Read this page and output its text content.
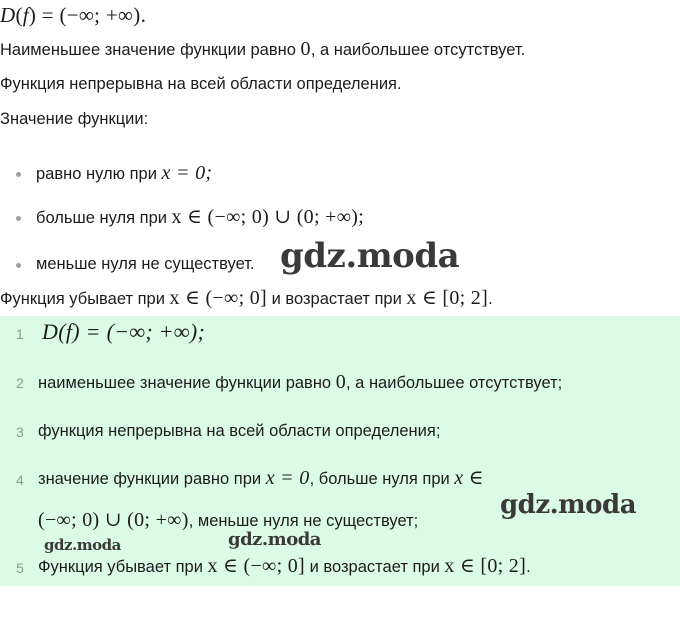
D(f) = (−∞; +∞).
Наименьшее значение функции равно 0, а наибольшее отсутствует.
Функция непрерывна на всей области определения.
Значение функции:
равно нулю при x = 0;
больше нуля при x ∈ (−∞; 0) ∪ (0; +∞);
меньше нуля не существует. gdz.moda
Функция убывает при x ∈ (−∞; 0] и возрастает при x ∈ [0; 2].
1 D(f) = (−∞; +∞);
2 наименьшее значение функции равно 0, а наибольшее отсутствует;
3 функция непрерывна на всей области определения;
4 значение функции равно при x = 0, больше нуля при x ∈
(−∞; 0) ∪ (0; +∞), меньше нуля не существует;
gdz.moda
gdz.moda	gdz.moda
5 Функция убывает при x ∈ (−∞; 0] и возрастает при x ∈ [0; 2].
